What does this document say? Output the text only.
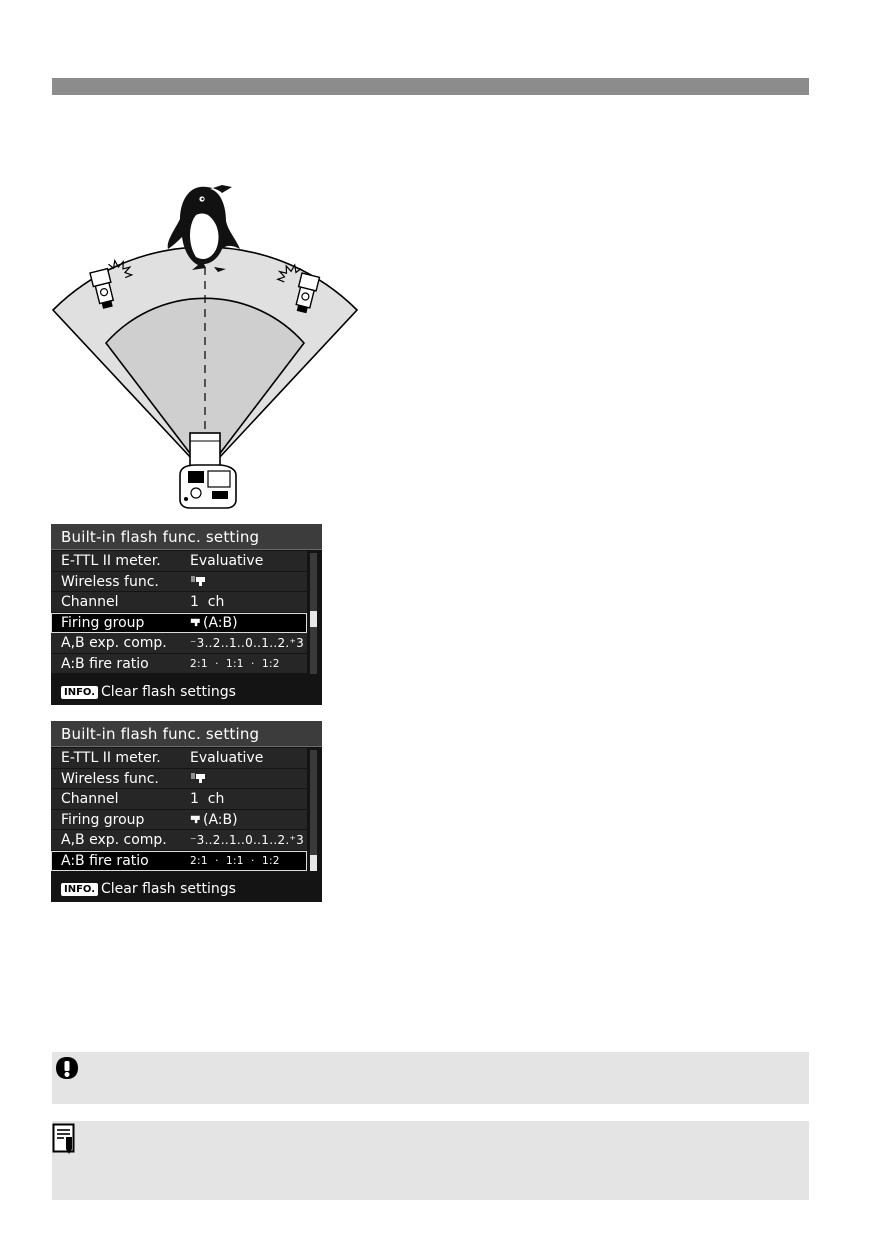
Built-in flash func. setting
E-TTL II meter. Evaluative
Wireless func.
Channel	1  ch
Firing group	(A:B)
A,B exp. comp. ⁻3..2..1..0..1..2.⁺3
A:B fire ratio	2:1  ·  1:1  ·  1:2
INFO. Clear flash settings
Built-in flash func. setting
E-TTL II meter. Evaluative
Wireless func.
Channel	1  ch
Firing group	(A:B)
A,B exp. comp. ⁻3..2..1..0..1..2.⁺3
A:B fire ratio	2:1  ·  1:1  ·  1:2
INFO. Clear flash settings
